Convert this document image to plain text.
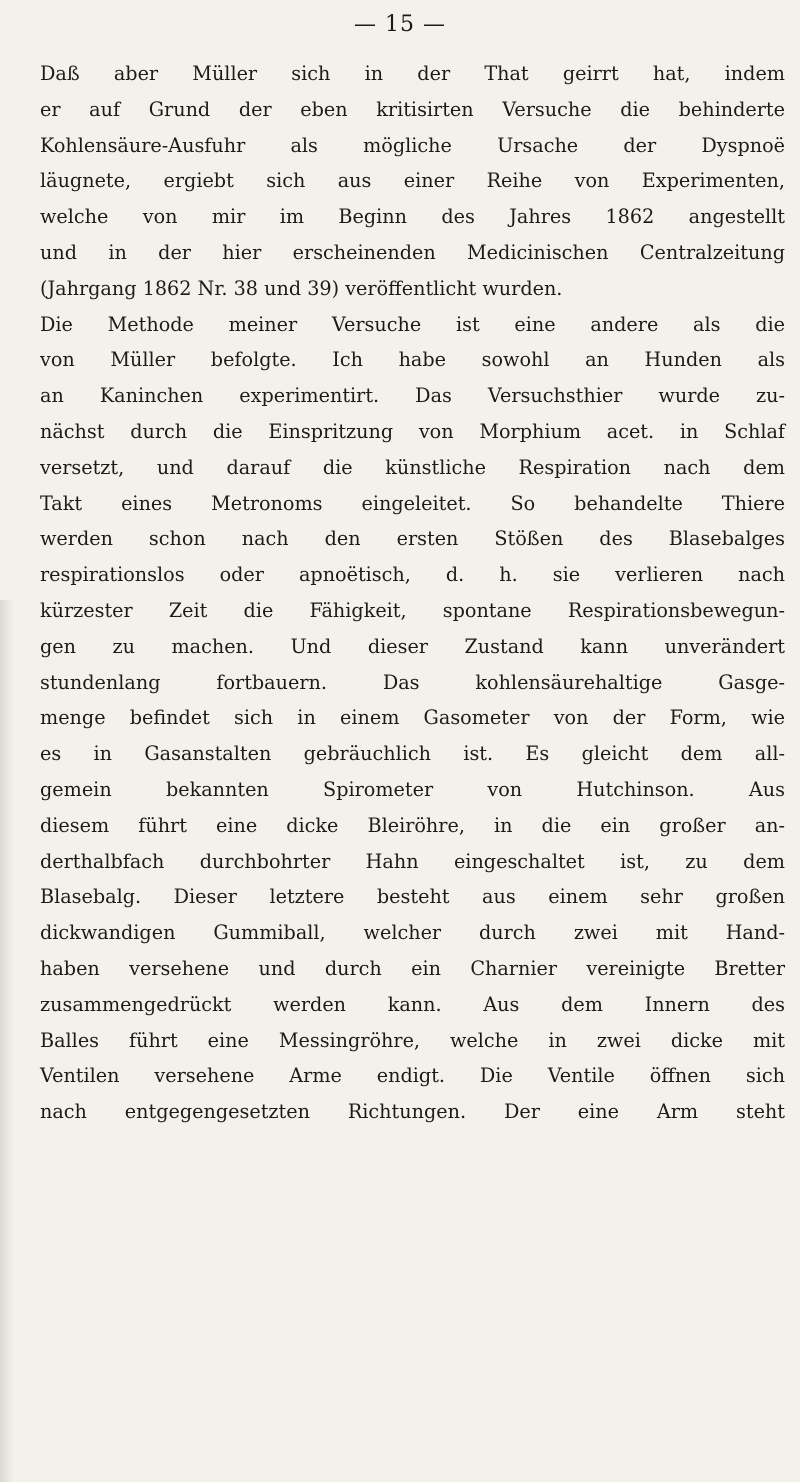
— 15 —
Daß aber Müller sich in der That geirrt hat, indem
er auf Grund der eben kritisirten Versuche die behinderte
Kohlensäure-Ausfuhr als mögliche Ursache der Dyspnoë
läugnete, ergiebt sich aus einer Reihe von Experimenten,
welche von mir im Beginn des Jahres 1862 angestellt
und in der hier erscheinenden Medicinischen Centralzeitung
(Jahrgang 1862 Nr. 38 und 39) veröffentlicht wurden.
Die Methode meiner Versuche ist eine andere als die
von Müller befolgte. Ich habe sowohl an Hunden als
an Kaninchen experimentirt. Das Versuchsthier wurde zu-
nächst durch die Einspritzung von Morphium acet. in Schlaf
versetzt, und darauf die künstliche Respiration nach dem
Takt eines Metronoms eingeleitet. So behandelte Thiere
werden schon nach den ersten Stößen des Blasebalges
respirationslos oder apnoëtisch, d. h. sie verlieren nach
kürzester Zeit die Fähigkeit, spontane Respirationsbewegun-
gen zu machen. Und dieser Zustand kann unverändert
stundenlang fortbauern. Das kohlensäurehaltige Gasge-
menge befindet sich in einem Gasometer von der Form, wie
es in Gasanstalten gebräuchlich ist. Es gleicht dem all-
gemein bekannten Spirometer von Hutchinson. Aus
diesem führt eine dicke Bleiröhre, in die ein großer an-
derthalbfach durchbohrter Hahn eingeschaltet ist, zu dem
Blasebalg. Dieser letztere besteht aus einem sehr großen
dickwandigen Gummiball, welcher durch zwei mit Hand-
haben versehene und durch ein Charnier vereinigte Bretter
zusammengedrückt werden kann. Aus dem Innern des
Balles führt eine Messingröhre, welche in zwei dicke mit
Ventilen versehene Arme endigt. Die Ventile öffnen sich
nach entgegengesetzten Richtungen. Der eine Arm steht
